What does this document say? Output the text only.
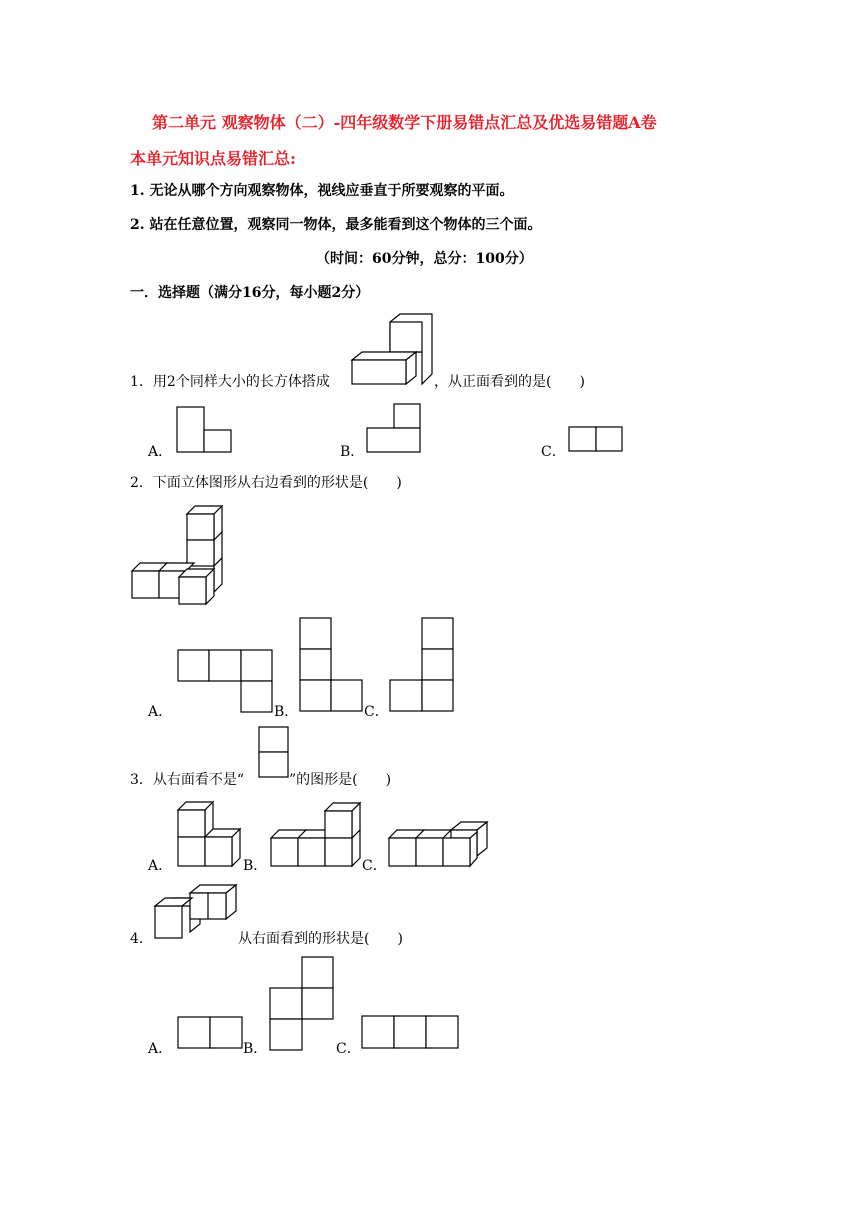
第二单元 观察物体（二）-四年级数学下册易错点汇总及优选易错题A卷
本单元知识点易错汇总:
1. 无论从哪个方向观察物体，视线应垂直于所要观察的平面。
2. 站在任意位置，观察同一物体，最多能看到这个物体的三个面。
（时间：60分钟，总分：100分）
一．选择题（满分16分，每小题2分）
1．用2个同样大小的长方体搭成	，从正面看到的是(　　)
A．	B．	C．
2．下面立体图形从右边看到的形状是(　　)
A．	B．	C．
3．从右面看不是“	”的图形是(　　)
A．	B．	C．
4．	从右面看到的形状是(　　)
A．	B．	C．
